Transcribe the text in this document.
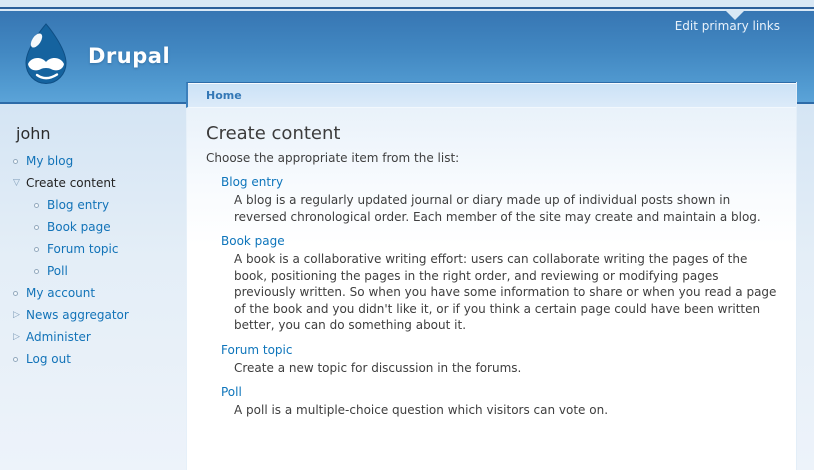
Edit primary links
Drupal
john
My blog
▽ Create content
Blog entry
Book page
Forum topic
Poll
My account
▷ News aggregator
▷ Administer
Log out
Home
Create content

Choose the appropriate item from the list:

Blog entry
A blog is a regularly updated journal or diary made up of individual posts shown in reversed chronological order. Each member of the site may create and maintain a blog.
Book page
A book is a collaborative writing effort: users can collaborate writing the pages of the book, positioning the pages in the right order, and reviewing or modifying pages previously written. So when you have some information to share or when you read a page of the book and you didn't like it, or if you think a certain page could have been written better, you can do something about it.
Forum topic
Create a new topic for discussion in the forums.
Poll
A poll is a multiple-choice question which visitors can vote on.
